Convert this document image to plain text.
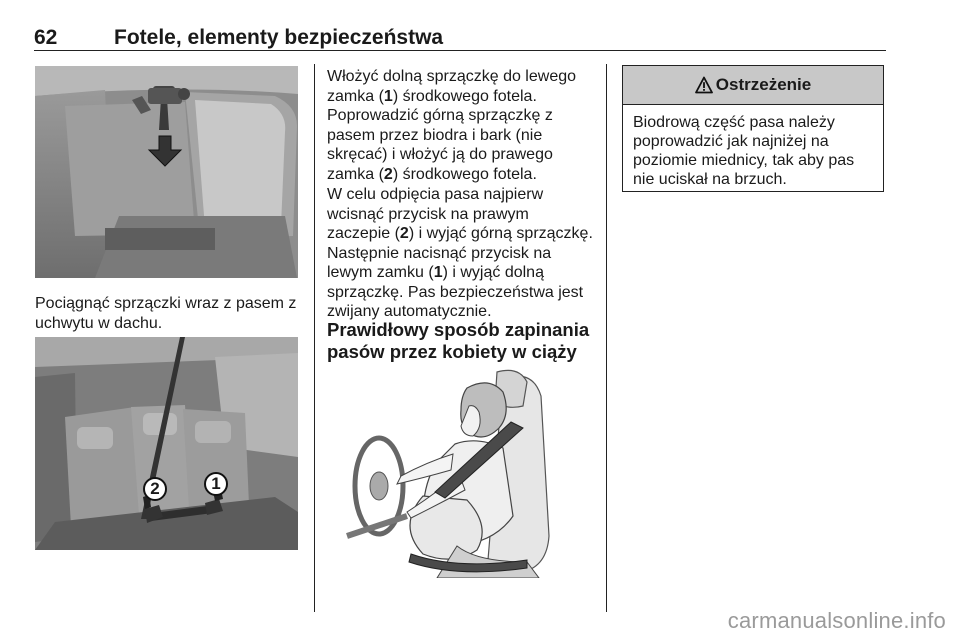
62	Fotele, elementy bezpieczeństwa

Pociągnąć sprzączki wraz z pasem z
uchwytu w dachu.

2	1

Włożyć dolną sprzączkę do lewego
zamka (1) środkowego fotela.
Poprowadzić górną sprzączkę z
pasem przez biodra i bark (nie
skręcać) i włożyć ją do prawego
zamka (2) środkowego fotela.

W celu odpięcia pasa najpierw
wcisnąć przycisk na prawym
zaczepie (2) i wyjąć górną sprzączkę.
Następnie nacisnąć przycisk na
lewym zamku (1) i wyjąć dolną
sprzączkę. Pas bezpieczeństwa jest
zwijany automatycznie.

Prawidłowy sposób zapinania
pasów przez kobiety w ciąży
Ostrzeżenie

Biodrową część pasa należy
poprowadzić jak najniżej na
poziomie miednicy, tak aby pas
nie uciskał na brzuch.

carmanualsonline.info
